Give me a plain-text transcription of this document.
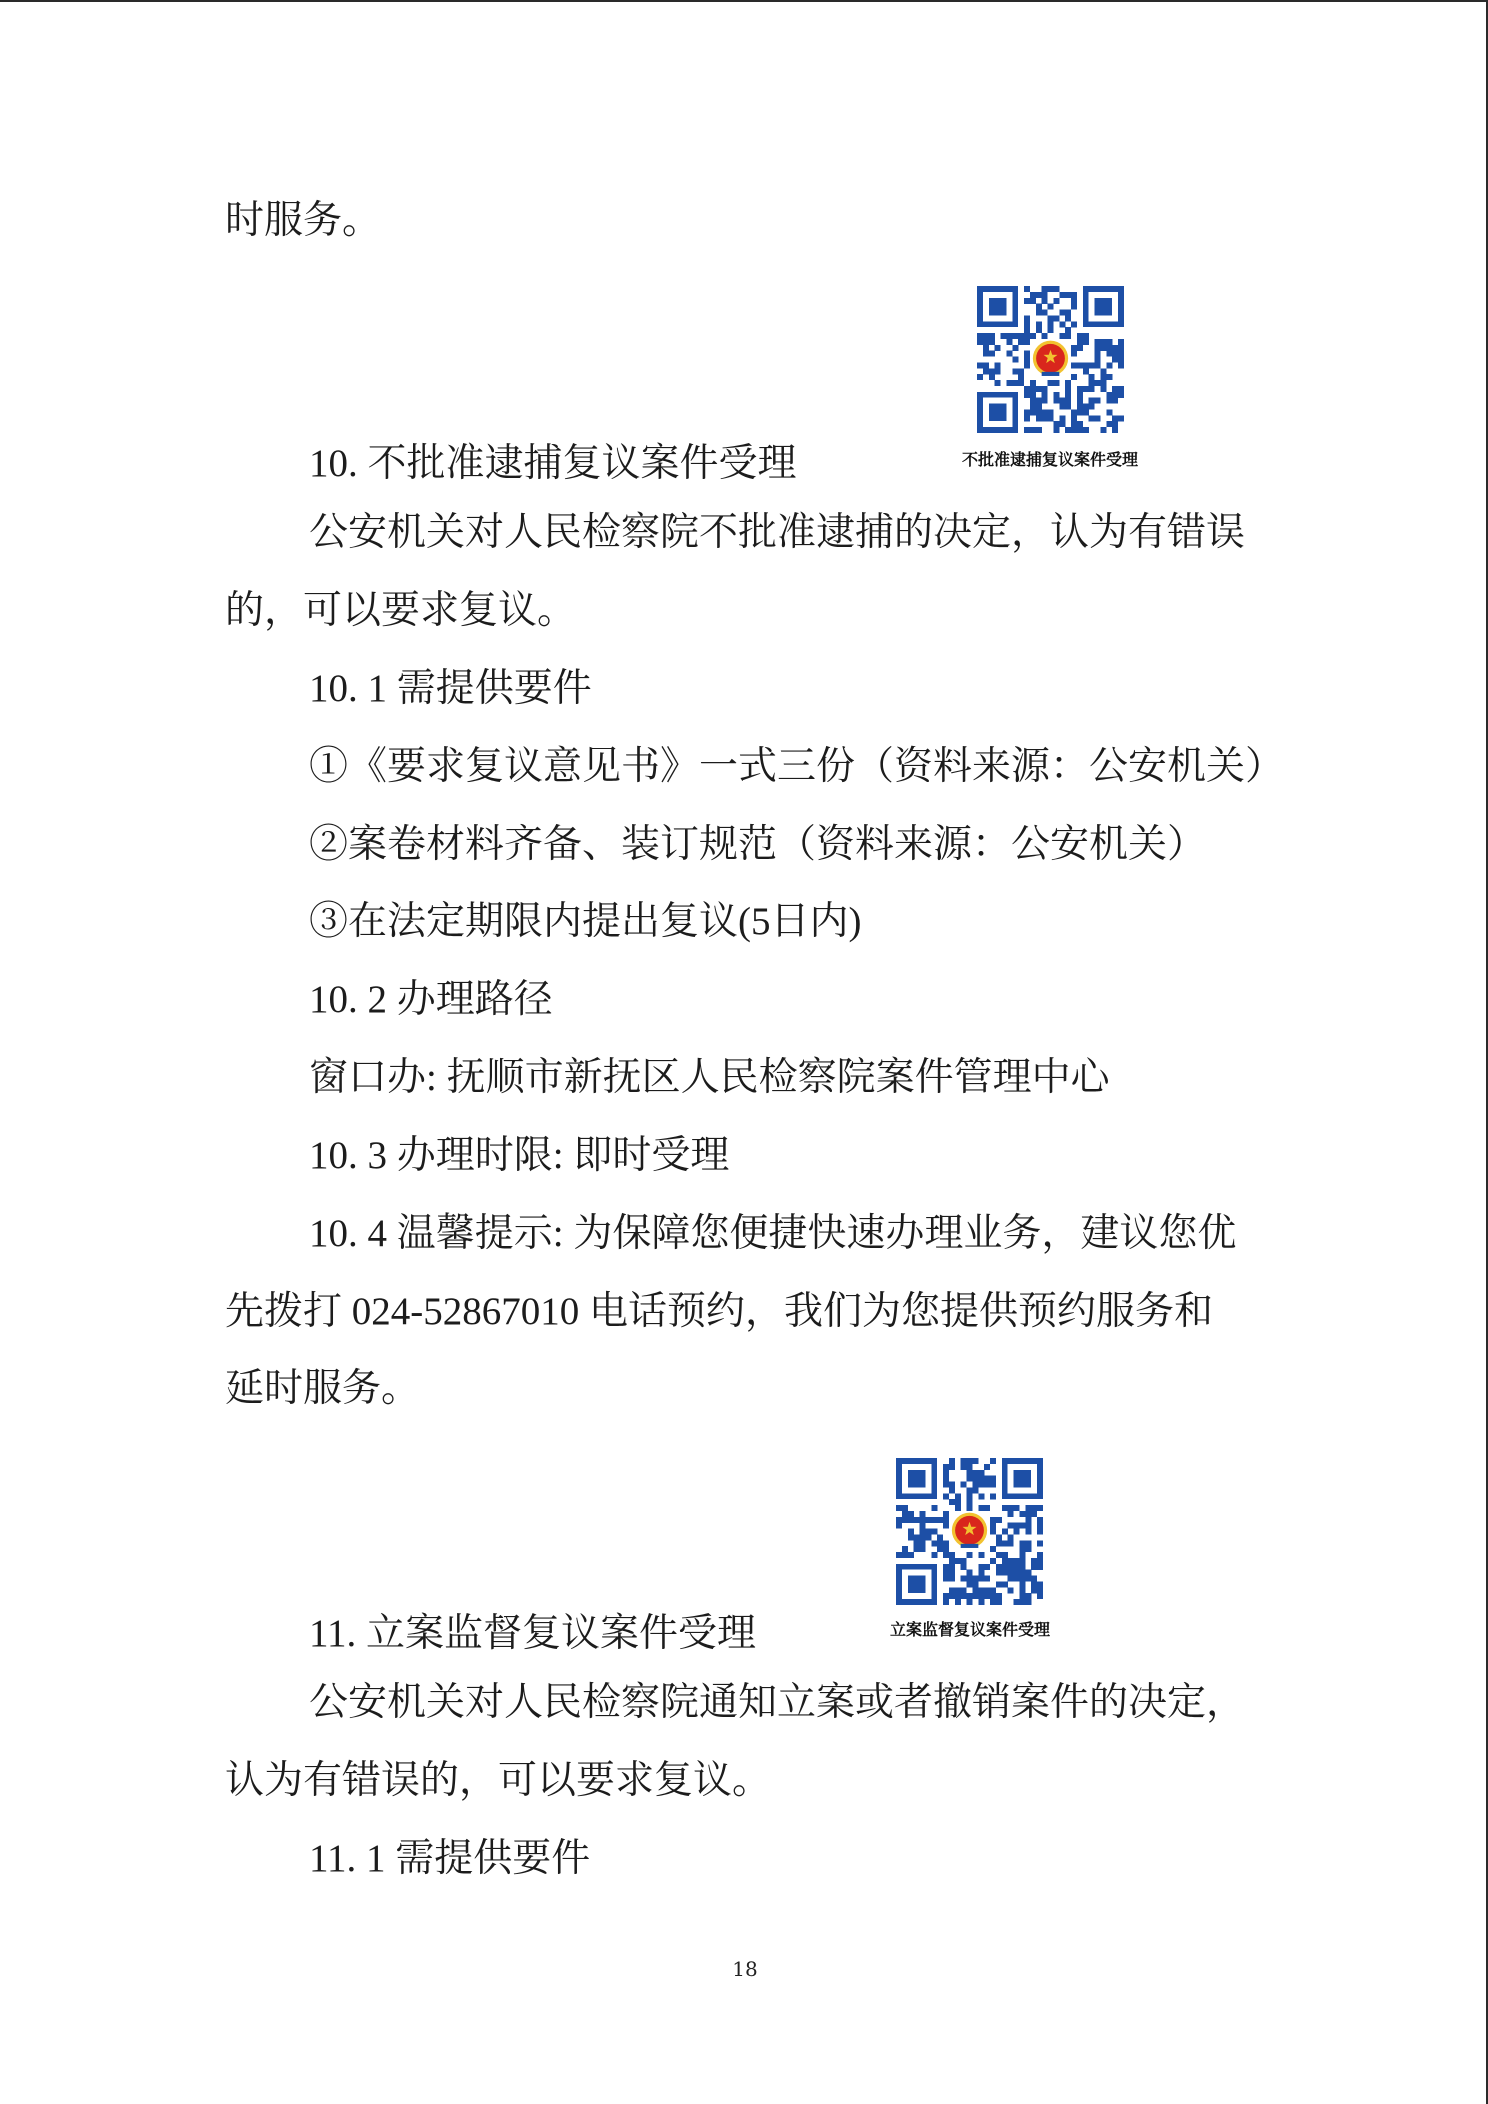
时服务。
不批准逮捕复议案件受理
10. 不批准逮捕复议案件受理
公安机关对人民检察院不批准逮捕的决定，认为有错误
的，可以要求复议。
10. 1 需提供要件
①《要求复议意见书》一式三份（资料来源：公安机关）
②案卷材料齐备、装订规范（资料来源：公安机关）
③在法定期限内提出复议(5日内)
10. 2 办理路径
窗口办: 抚顺市新抚区人民检察院案件管理中心
10. 3 办理时限: 即时受理
10. 4 温馨提示: 为保障您便捷快速办理业务，建议您优
先拨打 024-52867010 电话预约，我们为您提供预约服务和
延时服务。
立案监督复议案件受理
11. 立案监督复议案件受理
公安机关对人民检察院通知立案或者撤销案件的决定，
认为有错误的，可以要求复议。
11. 1 需提供要件
18
